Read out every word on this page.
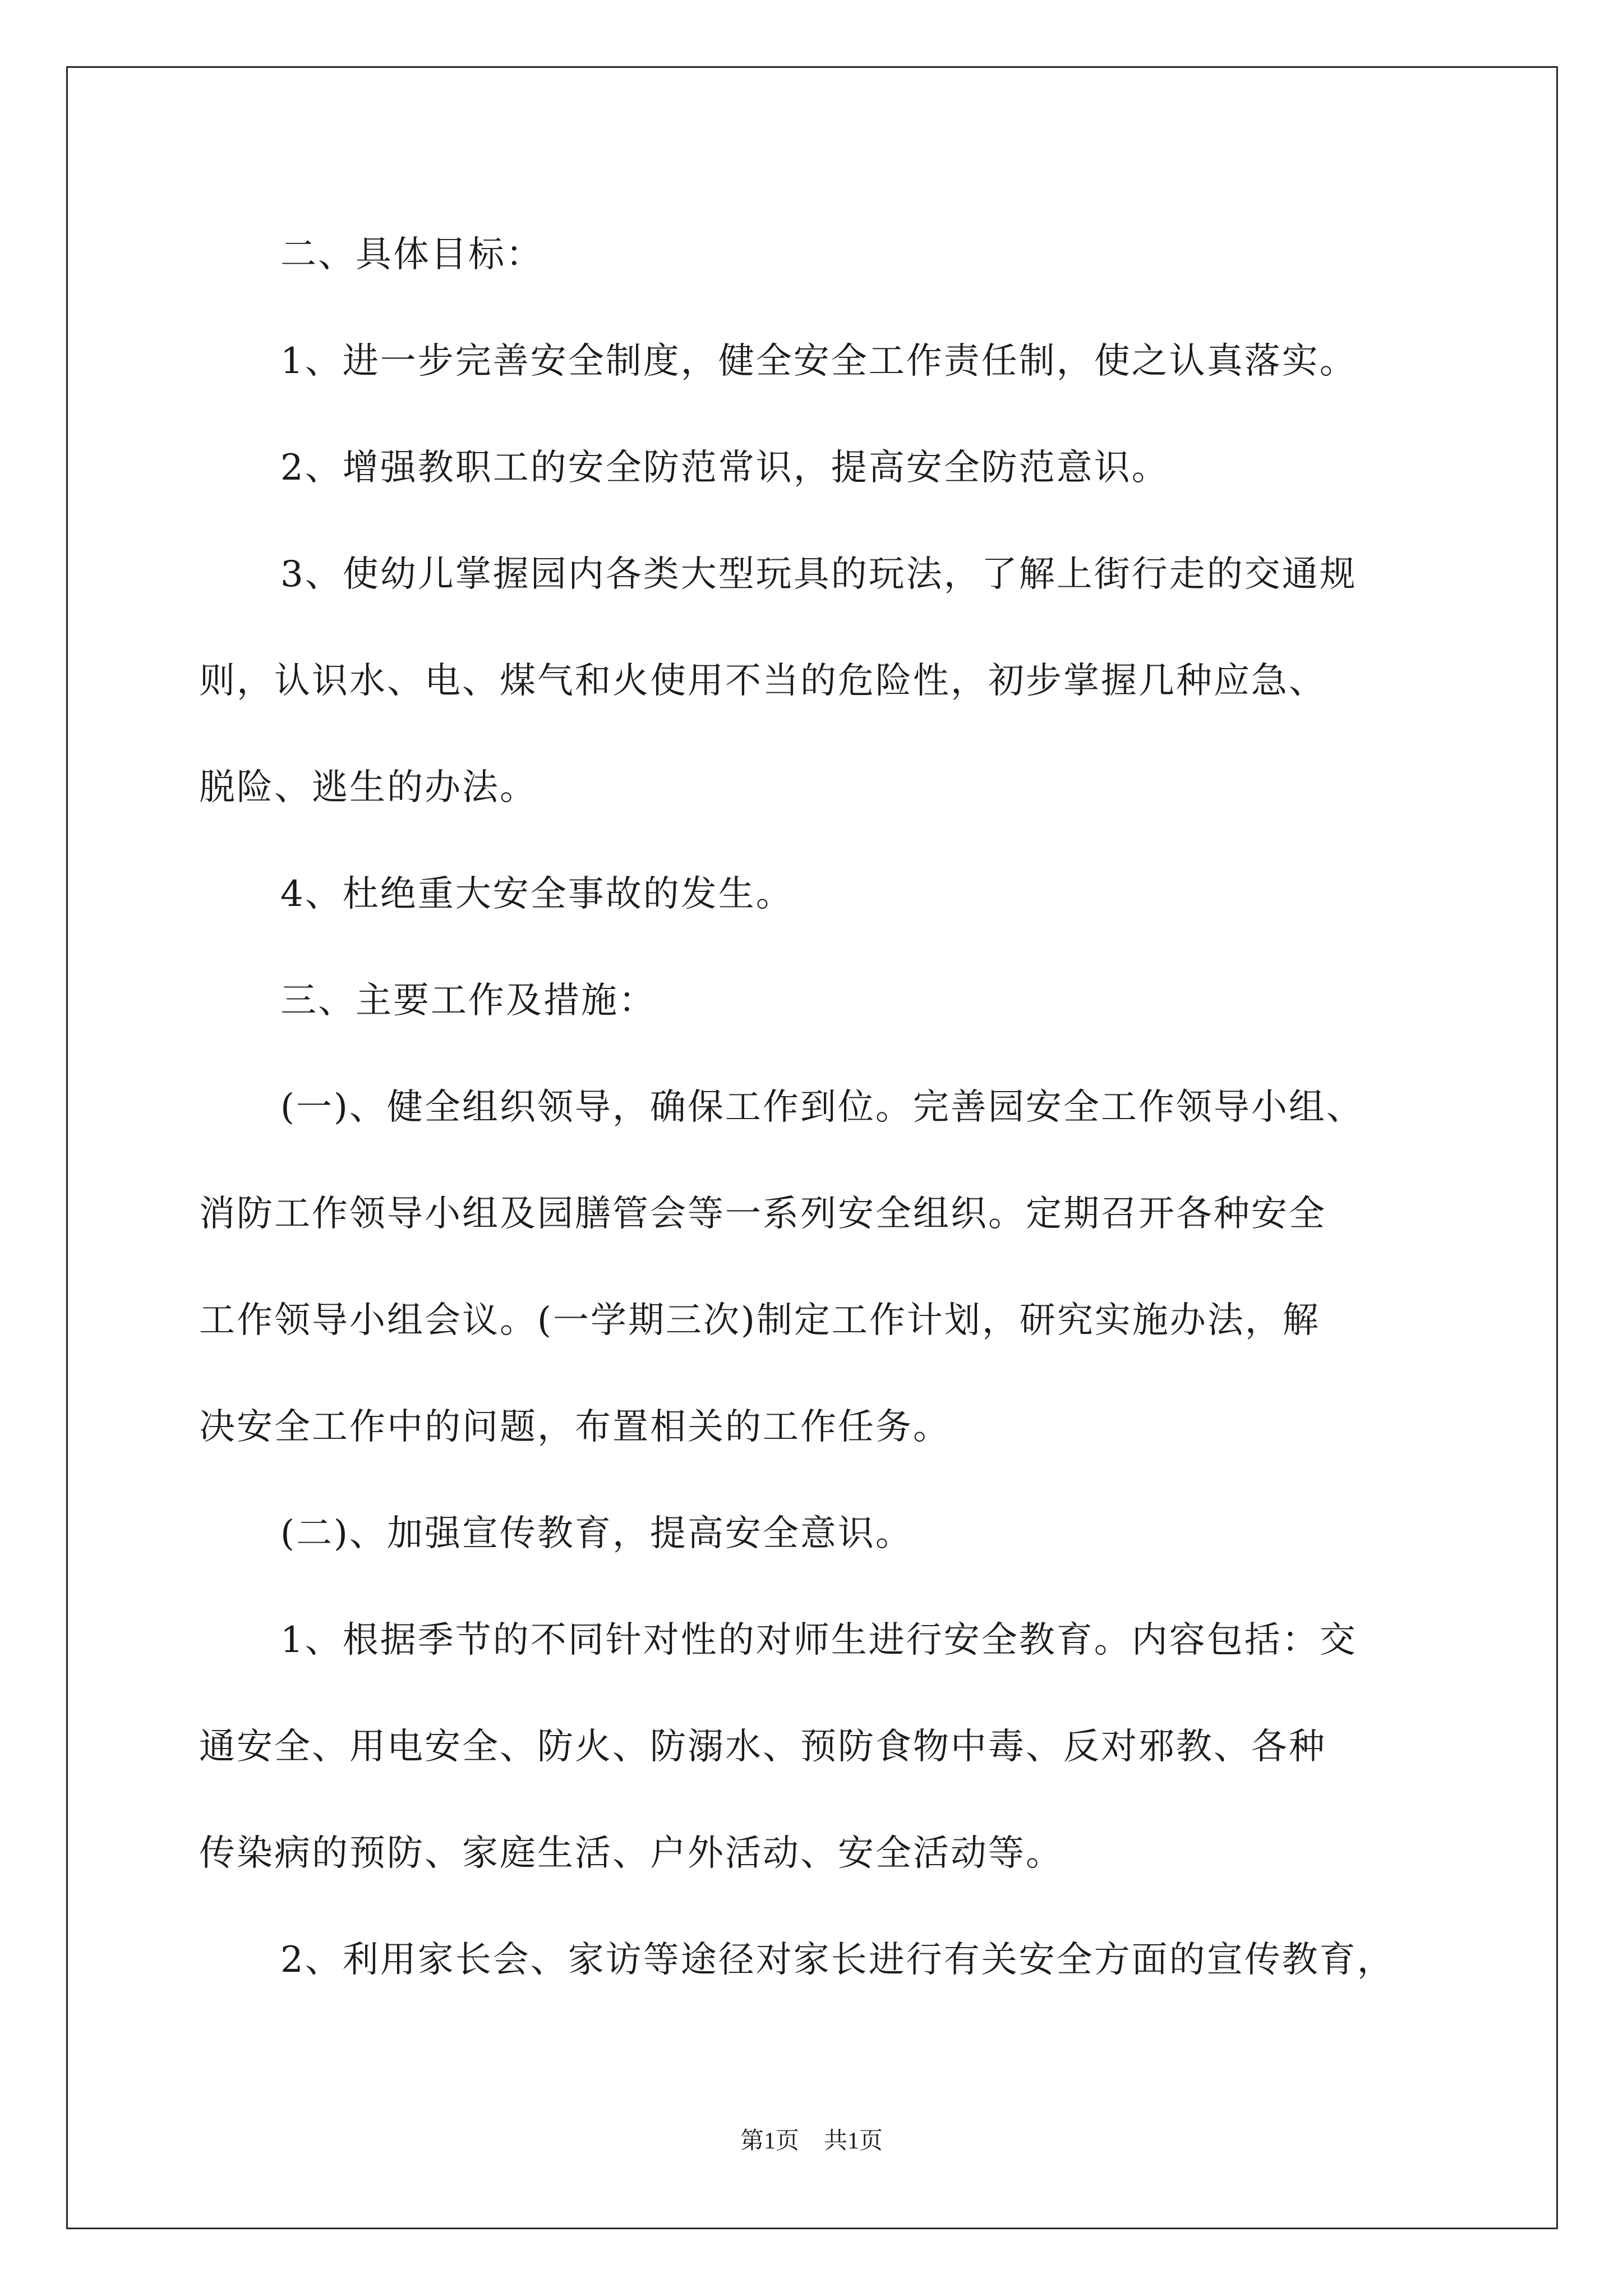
二、具体目标：
1、进一步完善安全制度，健全安全工作责任制，使之认真落实。
2、增强教职工的安全防范常识，提高安全防范意识。
3、使幼儿掌握园内各类大型玩具的玩法，了解上街行走的交通规
则，认识水、电、煤气和火使用不当的危险性，初步掌握几种应急、
脱险、逃生的办法。
4、杜绝重大安全事故的发生。
三、主要工作及措施：
(一)、健全组织领导，确保工作到位。完善园安全工作领导小组、
消防工作领导小组及园膳管会等一系列安全组织。定期召开各种安全
工作领导小组会议。(一学期三次)制定工作计划，研究实施办法，解
决安全工作中的问题，布置相关的工作任务。
(二)、加强宣传教育，提高安全意识。
1、根据季节的不同针对性的对师生进行安全教育。内容包括：交
通安全、用电安全、防火、防溺水、预防食物中毒、反对邪教、各种
传染病的预防、家庭生活、户外活动、安全活动等。
2、利用家长会、家访等途径对家长进行有关安全方面的宣传教育，
第1页 共1页
